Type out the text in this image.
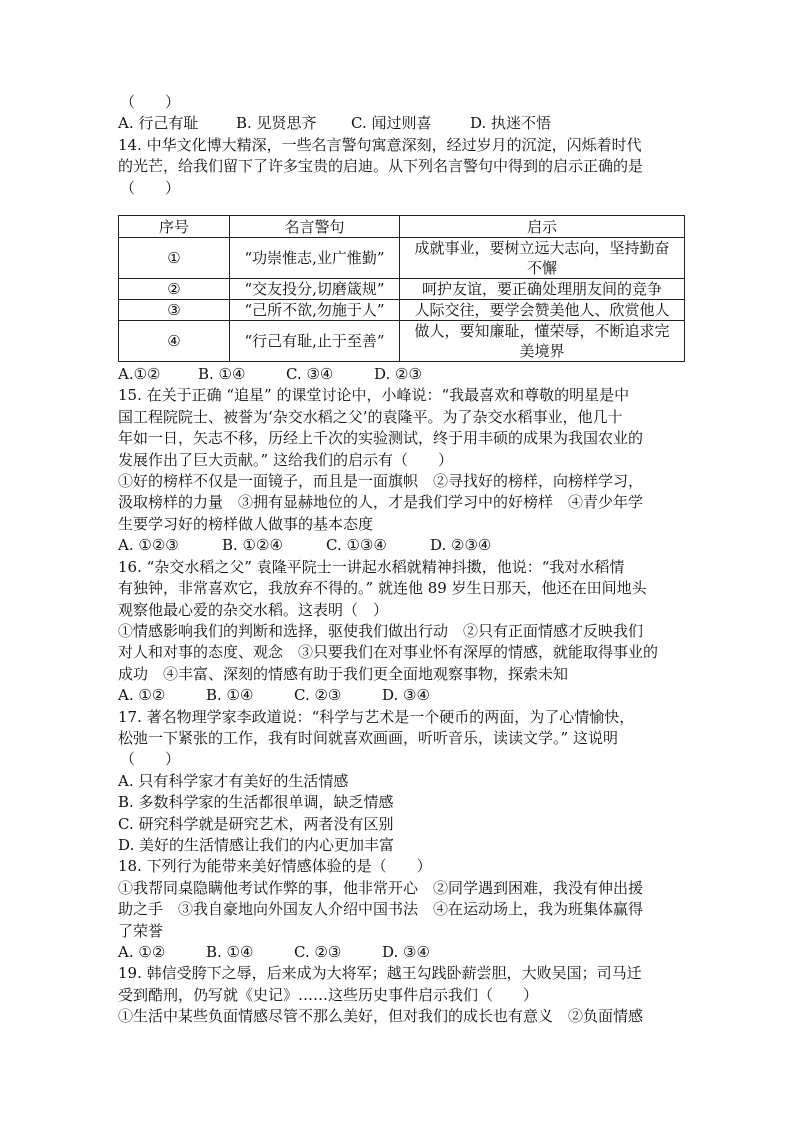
（　　）
A. 行己有耻	B. 见贤思齐	C. 闻过则喜	D. 执迷不悟
14. 中华文化博大精深，一些名言警句寓意深刻，经过岁月的沉淀，闪烁着时代
的光芒，给我们留下了许多宝贵的启迪。从下列名言警句中得到的启示正确的是
（　　）
序号	名言警句	启示
①	“功崇惟志,业广惟勤”	成就事业，要树立远大志向，坚持勤奋
不懈

②	“交友投分,切磨箴规”	呵护友谊，要正确处理朋友间的竞争
③	“己所不欲,勿施于人”	人际交往，要学会赞美他人、欣赏他人
④	“行己有耻,止于至善”	做人，要知廉耻，懂荣辱，不断追求完
美境界
A.①②	B. ①④	C. ③④	D. ②③
15. 在关于正确 “追星” 的课堂讨论中，小峰说：“我最喜欢和尊敬的明星是中
国工程院院士、被誉为‘杂交水稻之父’的袁隆平。为了杂交水稻事业，他几十
年如一日，矢志不移，历经上千次的实验测试，终于用丰硕的成果为我国农业的
发展作出了巨大贡献。” 这给我们的启示有（　　）
①好的榜样不仅是一面镜子，而且是一面旗帜　②寻找好的榜样，向榜样学习，
汲取榜样的力量　③拥有显赫地位的人，才是我们学习中的好榜样　④青少年学
生要学习好的榜样做人做事的基本态度
A. ①②③	B. ①②④	C. ①③④	D. ②③④
16. “杂交水稻之父” 袁隆平院士一讲起水稻就精神抖擞，他说：“我对水稻情
有独钟，非常喜欢它，我放弃不得的。” 就连他 89 岁生日那天，他还在田间地头
观察他最心爱的杂交水稻。这表明（　）
①情感影响我们的判断和选择，驱使我们做出行动　②只有正面情感才反映我们
对人和对事的态度、观念　③只要我们在对事业怀有深厚的情感，就能取得事业的
成功　④丰富、深刻的情感有助于我们更全面地观察事物，探索未知
A. ①②	B. ①④	C. ②③	D. ③④
17. 著名物理学家李政道说：“科学与艺术是一个硬币的两面，为了心情愉快，
松弛一下紧张的工作，我有时间就喜欢画画，听听音乐，读读文学。” 这说明
（　　）
A. 只有科学家才有美好的生活情感
B. 多数科学家的生活都很单调，缺乏情感
C. 研究科学就是研究艺术，两者没有区别
D. 美好的生活情感让我们的内心更加丰富
18. 下列行为能带来美好情感体验的是（　　）
①我帮同桌隐瞒他考试作弊的事，他非常开心　②同学遇到困难，我没有伸出援
助之手　③我自豪地向外国友人介绍中国书法　④在运动场上，我为班集体赢得
了荣誉
A. ①②	B. ①④	C. ②③	D. ③④
19. 韩信受胯下之辱，后来成为大将军；越王勾践卧薪尝胆，大败吴国；司马迁
受到酷刑，仍写就《史记》……这些历史事件启示我们（　　）
①生活中某些负面情感尽管不那么美好，但对我们的成长也有意义　②负面情感
